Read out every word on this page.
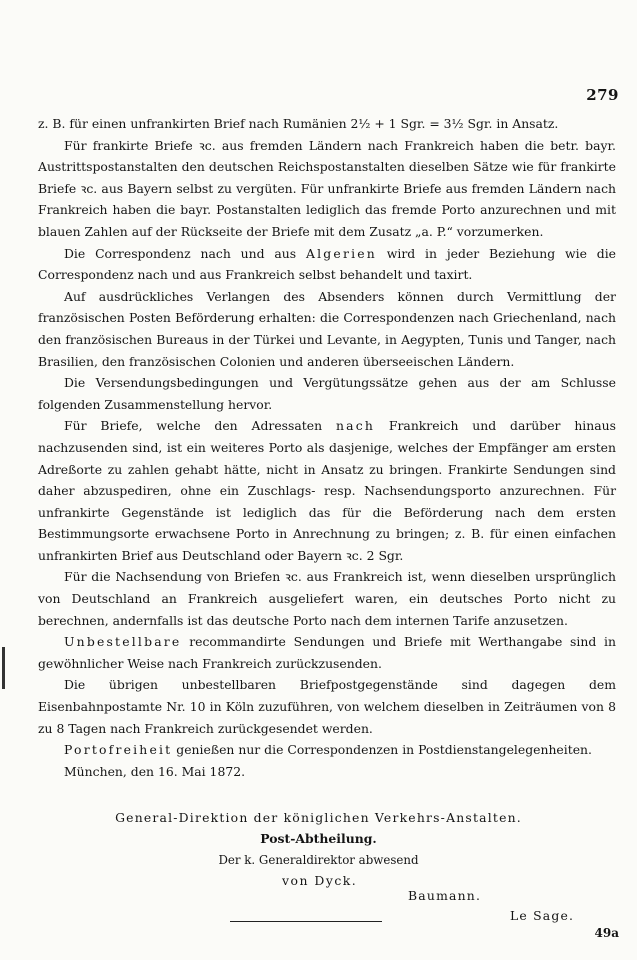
279

z. B. für einen unfrankirten Brief nach Rumänien 2½ + 1 Sgr. = 3½ Sgr. in Ansatz.

Für frankirte Briefe ꝛc. aus fremden Ländern nach Frankreich haben die betr. bayr. Austrittspostanstalten den deutschen Reichspostanstalten dieselben Sätze wie für frankirte Briefe ꝛc. aus Bayern selbst zu vergüten. Für unfrankirte Briefe aus fremden Ländern nach Frankreich haben die bayr. Postanstalten lediglich das fremde Porto anzurechnen und mit blauen Zahlen auf der Rückseite der Briefe mit dem Zusatz „a. P.“ vorzumerken.

Die Correspondenz nach und aus Algerien wird in jeder Beziehung wie die Correspondenz nach und aus Frankreich selbst behandelt und taxirt.

Auf ausdrückliches Verlangen des Absenders können durch Vermittlung der französischen Posten Beförderung erhalten: die Correspondenzen nach Griechenland, nach den französischen Bureaus in der Türkei und Levante, in Aegypten, Tunis und Tanger, nach Brasilien, den französischen Colonien und anderen überseeischen Ländern.

Die Versendungsbedingungen und Vergütungssätze gehen aus der am Schlusse folgenden Zusammenstellung hervor.

Für Briefe, welche den Adressaten nach Frankreich und darüber hinaus nachzusenden sind, ist ein weiteres Porto als dasjenige, welches der Empfänger am ersten Adreßorte zu zahlen gehabt hätte, nicht in Ansatz zu bringen. Frankirte Sendungen sind daher abzuspediren, ohne ein Zuschlags- resp. Nachsendungsporto anzurechnen. Für unfrankirte Gegenstände ist lediglich das für die Beförderung nach dem ersten Bestimmungsorte erwachsene Porto in Anrechnung zu bringen; z. B. für einen einfachen unfrankirten Brief aus Deutschland oder Bayern ꝛc. 2 Sgr.

Für die Nachsendung von Briefen ꝛc. aus Frankreich ist, wenn dieselben ursprünglich von Deutschland an Frankreich ausgeliefert waren, ein deutsches Porto nicht zu berechnen, andernfalls ist das deutsche Porto nach dem internen Tarife anzusetzen.

Unbestellbare recommandirte Sendungen und Briefe mit Werthangabe sind in gewöhnlicher Weise nach Frankreich zurückzusenden.

Die übrigen unbestellbaren Briefpostgegenstände sind dagegen dem Eisenbahnpostamte Nr. 10 in Köln zuzuführen, von welchem dieselben in Zeiträumen von 8 zu 8 Tagen nach Frankreich zurückgesendet werden.

Portofreiheit genießen nur die Correspondenzen in Postdienstangelegenheiten.

München, den 16. Mai 1872.

General-Direktion der königlichen Verkehrs-Anstalten.
Post-Abtheilung.
Der k. Generaldirektor abwesend
von Dyck.
Baumann.
Le Sage.
49a
